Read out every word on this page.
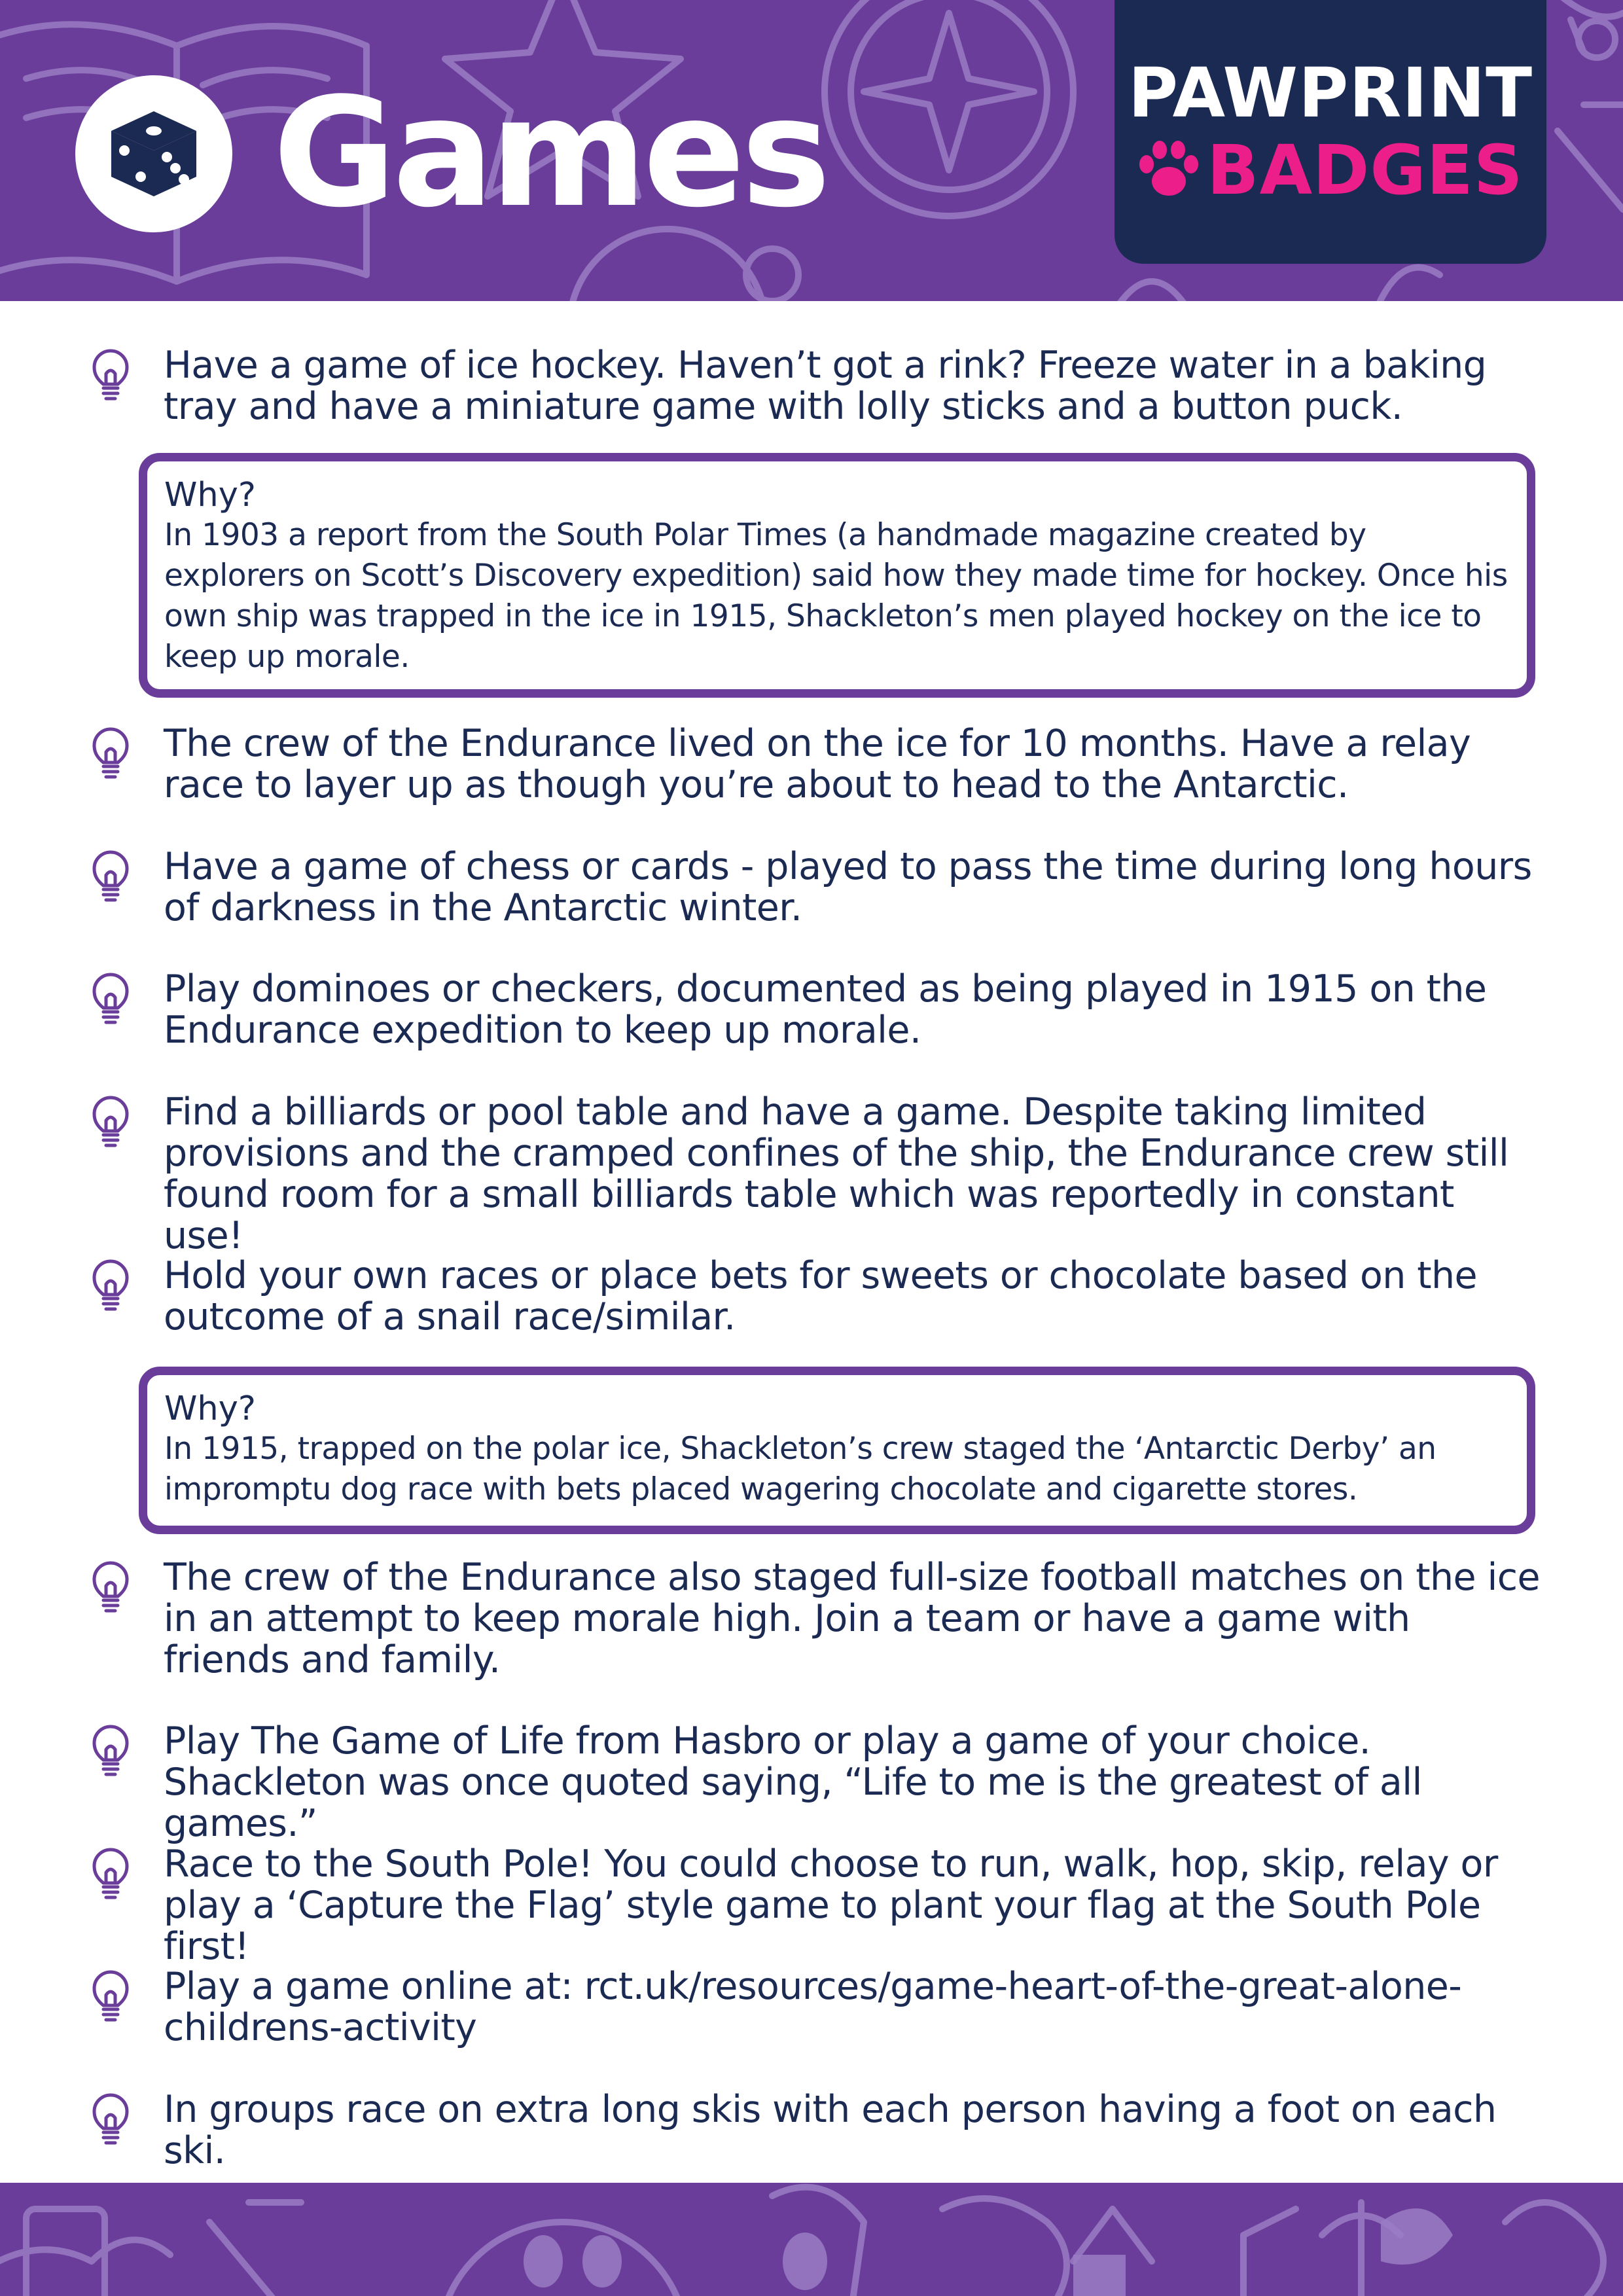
Games	PAWPRINT
BADGES
Have a game of ice hockey. Haven’t got a rink? Freeze water in a baking tray and have a miniature game with lolly sticks and a button puck.
Why?
In 1903 a report from the South Polar Times (a handmade magazine created by explorers on Scott’s Discovery expedition) said how they made time for hockey. Once his own ship was trapped in the ice in 1915, Shackleton’s men played hockey on the ice to keep up morale.
The crew of the Endurance lived on the ice for 10 months. Have a relay race to layer up as though you’re about to head to the Antarctic.
Have a game of chess or cards - played to pass the time during long hours of darkness in the Antarctic winter.
Play dominoes or checkers, documented as being played in 1915 on the Endurance expedition to keep up morale.
Find a billiards or pool table and have a game. Despite taking limited provisions and the cramped confines of the ship, the Endurance crew still found room for a small billiards table which was reportedly in constant use!
Hold your own races or place bets for sweets or chocolate based on the outcome of a snail race/similar.
Why?
In 1915, trapped on the polar ice, Shackleton’s crew staged the ‘Antarctic Derby’ an impromptu dog race with bets placed wagering chocolate and cigarette stores.
The crew of the Endurance also staged full-size football matches on the ice in an attempt to keep morale high. Join a team or have a game with friends and family.
Play The Game of Life from Hasbro or play a game of your choice. Shackleton was once quoted saying, “Life to me is the greatest of all games.”
Race to the South Pole! You could choose to run, walk, hop, skip, relay or play a ‘Capture the Flag’ style game to plant your flag at the South Pole first!
Play a game online at: rct.uk/resources/game-heart-of-the-great-alone-childrens-activity
In groups race on extra long skis with each person having a foot on each ski.
